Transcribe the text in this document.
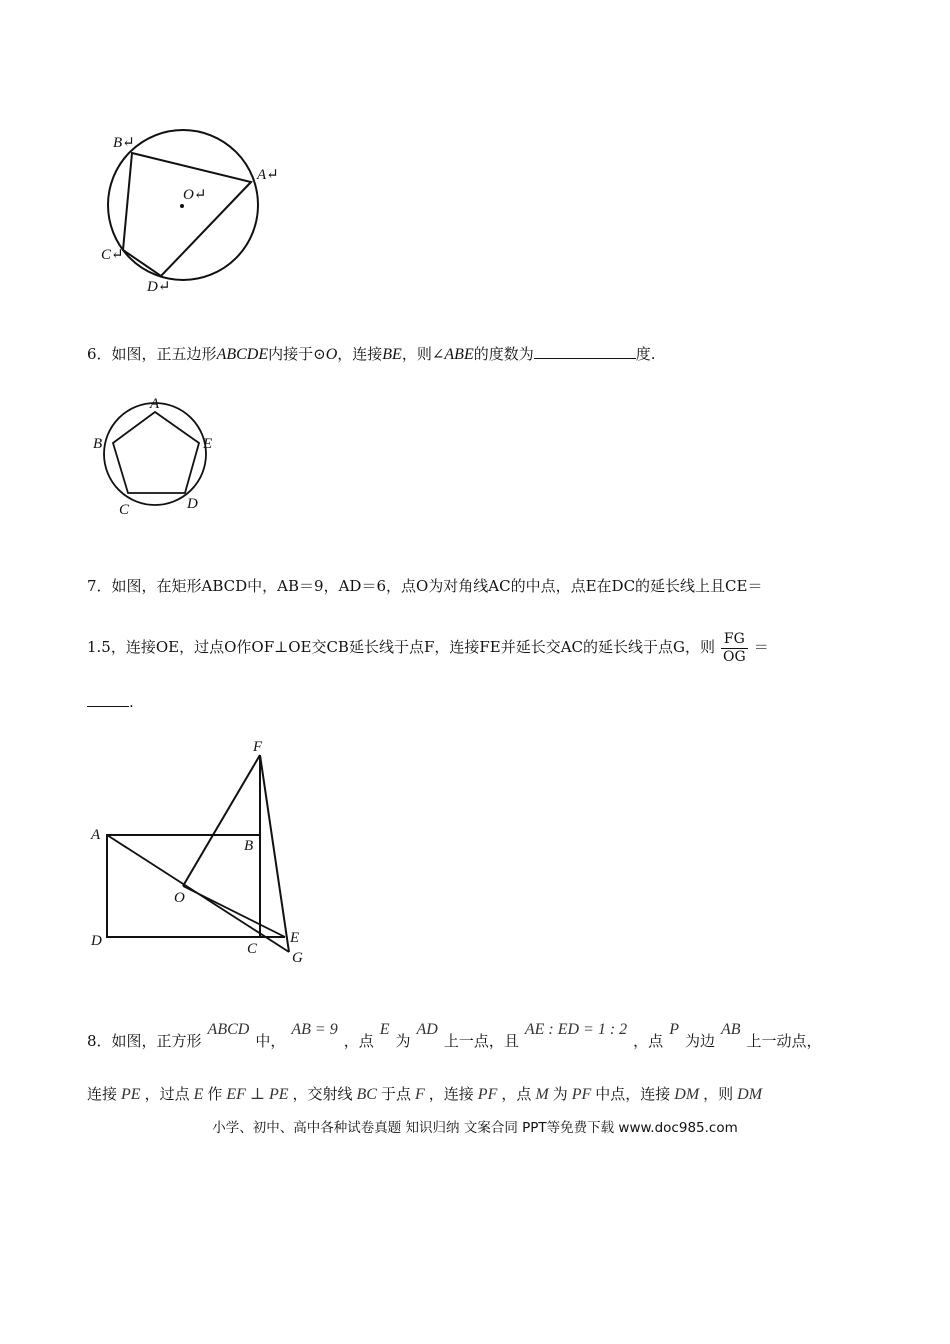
B↵
A↵
O↵
C↵
D↵
6．如图，正五边形ABCDE内接于⊙O，连接BE，则∠ABE的度数为	度.
A
B	E
C	D
7．如图，在矩形ABCD中，AB＝9，AD＝6，点O为对角线AC的中点，点E在DC的延长线上且CE＝
1.5，连接OE，过点O作OF⊥OE交CB延长线于点F，连接FE并延长交AC的延长线于点G，则 $\frac{FG}{OG}$ ＝
.
F
A
B
O
D	C
E
G
8．如图，正方形ABCD中，AB = 9，点E为AD上一点，且AE : ED = 1 : 2，点P为边AB上一动点，
连接 PE ，过点 E 作 EF ⊥ PE ，交射线 BC 于点 F ，连接 PF ，点 M 为 PF 中点，连接 DM ，则 DM
小学、初中、高中各种试卷真题 知识归纳 文案合同 PPT等免费下载 www.doc985.com
